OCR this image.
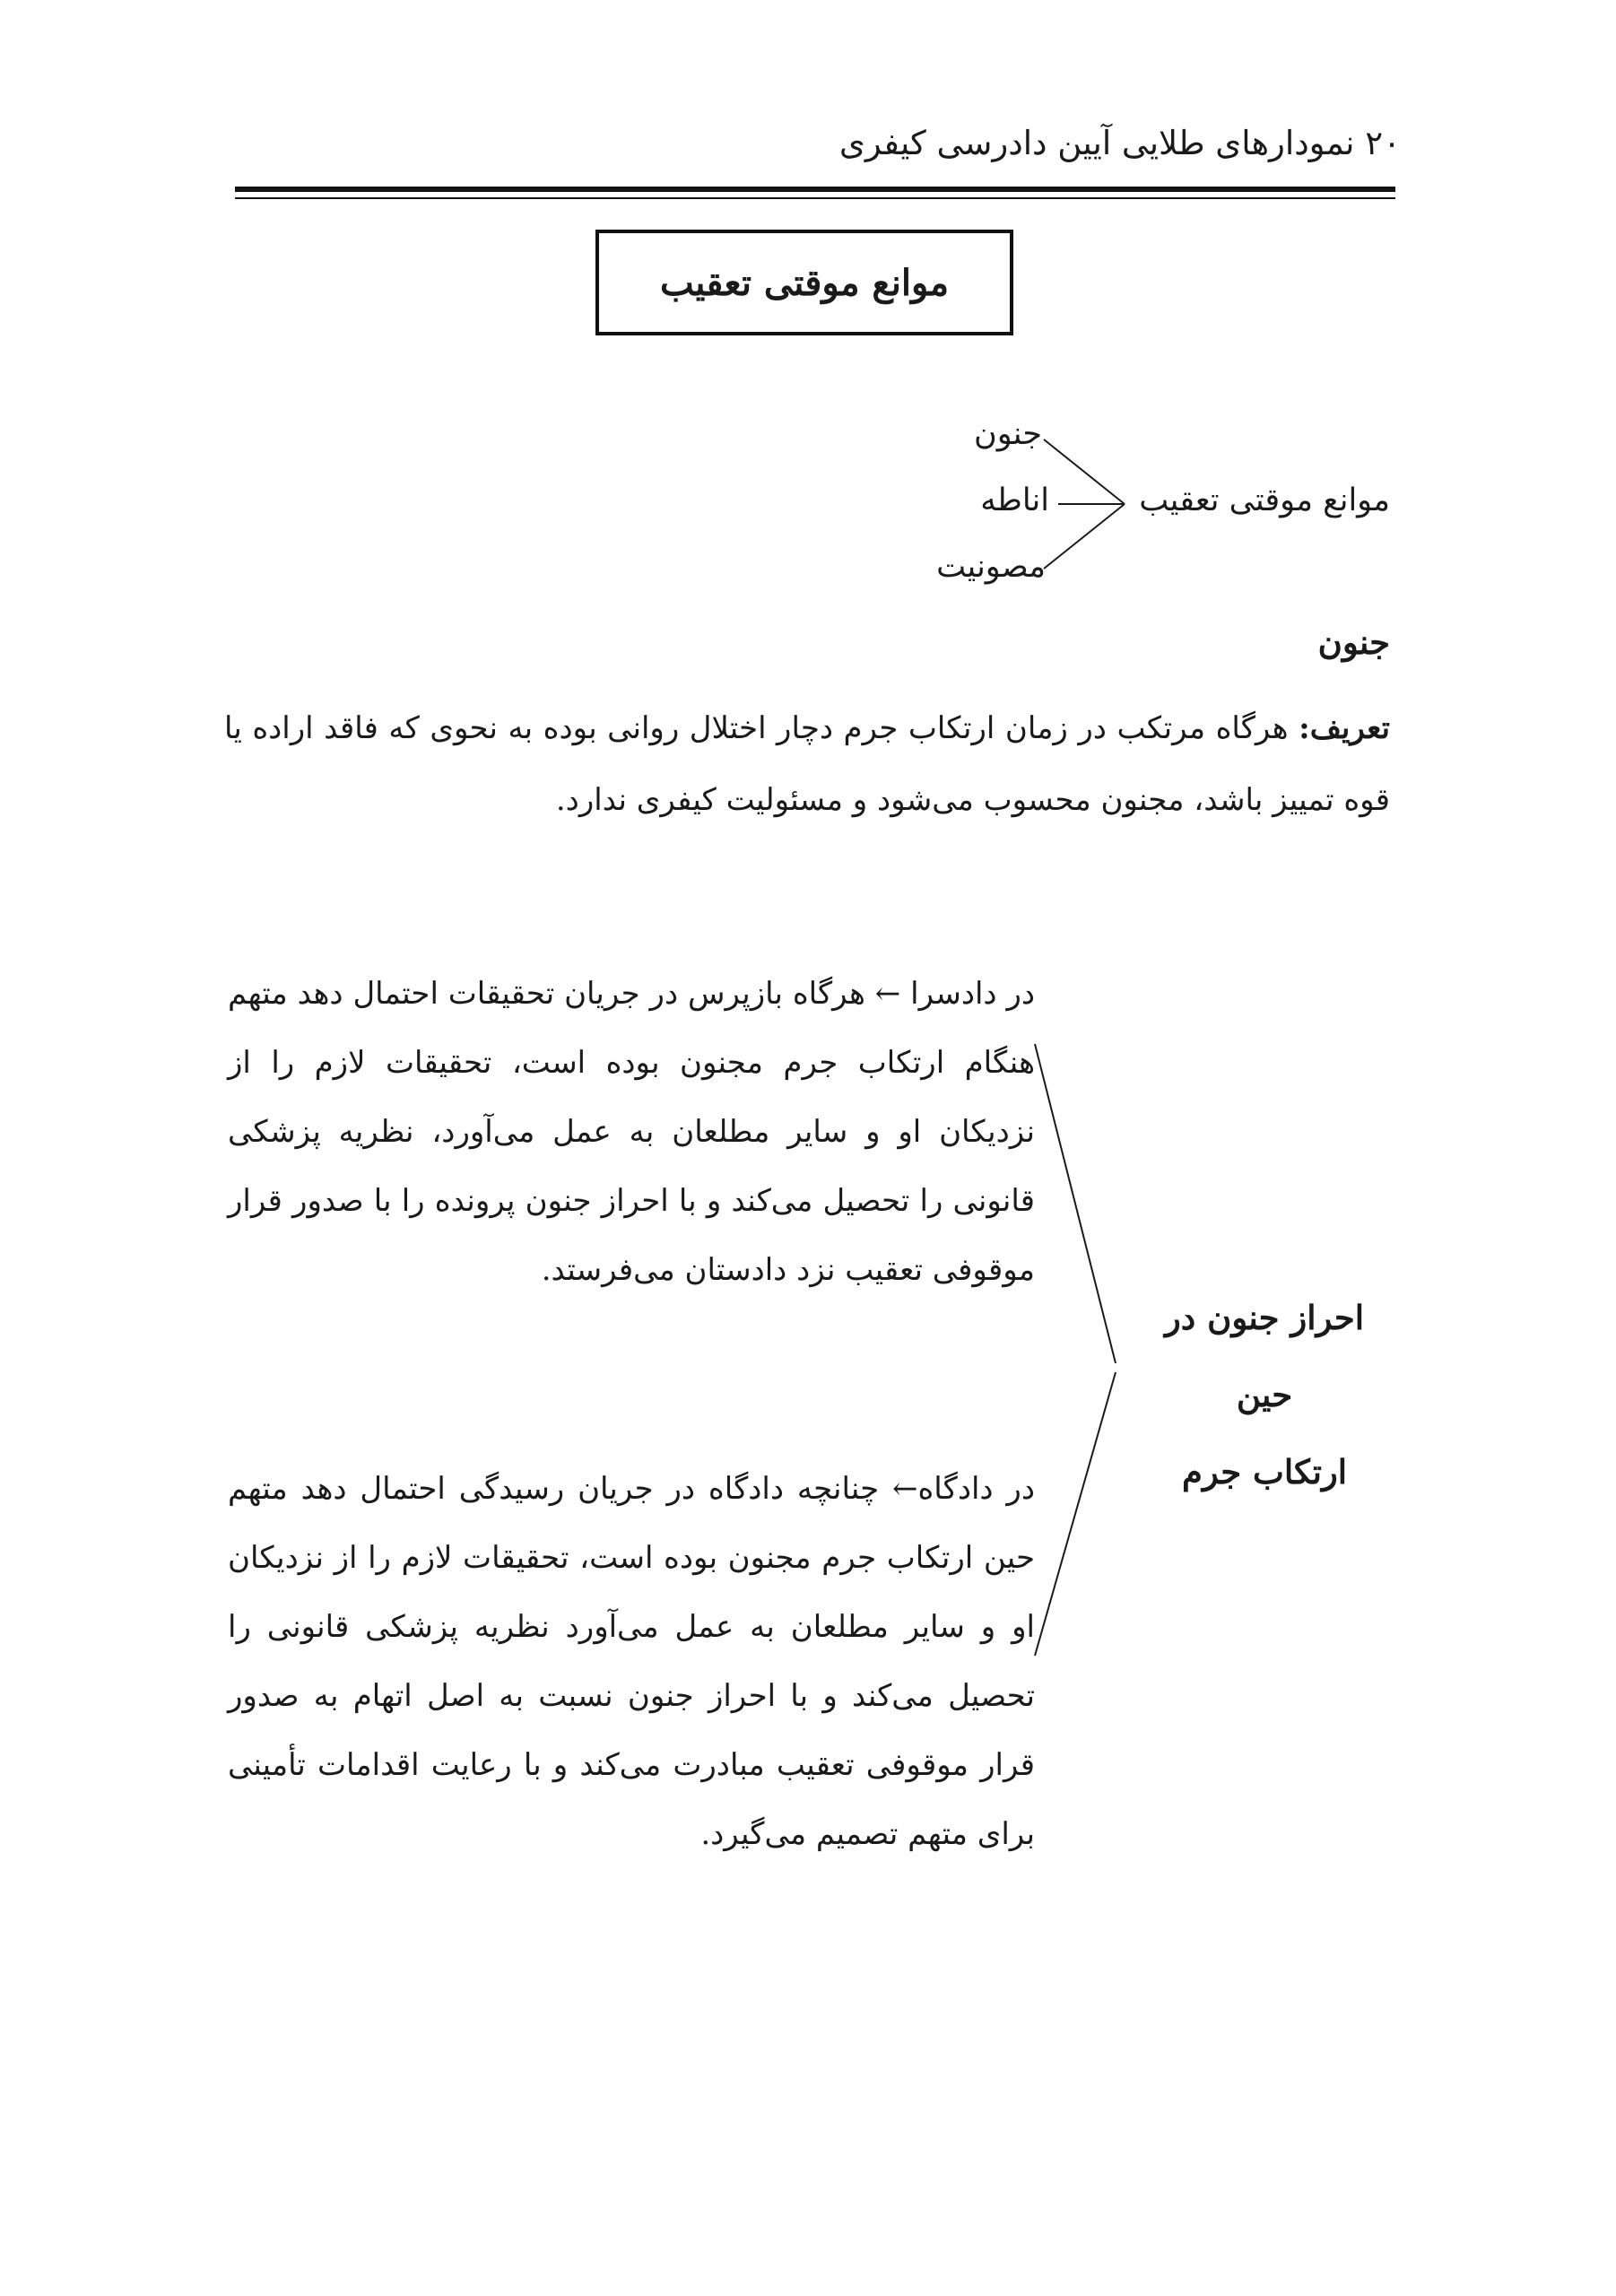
۲۰ نمودارهای طلایی آیین دادرسی کیفری
موانع موقتی تعقیب
موانع موقتی تعقیب
جنون
اناطه
مصونیت
جنون
تعریف: هرگاه مرتکب در زمان ارتکاب جرم دچار اختلال روانی بوده به نحوی که فاقد اراده یا قوه تمییز باشد، مجنون محسوب می‌شود و مسئولیت کیفری ندارد.
در دادسرا ← هرگاه بازپرس در جریان تحقیقات احتمال دهد متهم هنگام ارتکاب جرم مجنون بوده است، تحقیقات لازم را از نزدیکان او و سایر مطلعان به عمل می‌آورد، نظریه پزشکی قانونی را تحصیل می‌کند و با احراز جنون پرونده را با صدور قرار موقوفی تعقیب نزد دادستان می‌فرستد.
احراز جنون در حین
ارتکاب جرم
در دادگاه← چنانچه دادگاه در جریان رسیدگی احتمال دهد متهم حین ارتکاب جرم مجنون بوده است، تحقیقات لازم را از نزدیکان او و سایر مطلعان به عمل می‌آورد نظریه پزشکی قانونی را تحصیل می‌کند و با احراز جنون نسبت به اصل اتهام به صدور قرار موقوفی تعقیب مبادرت می‌کند و با رعایت اقدامات تأمینی برای متهم تصمیم می‌گیرد.
